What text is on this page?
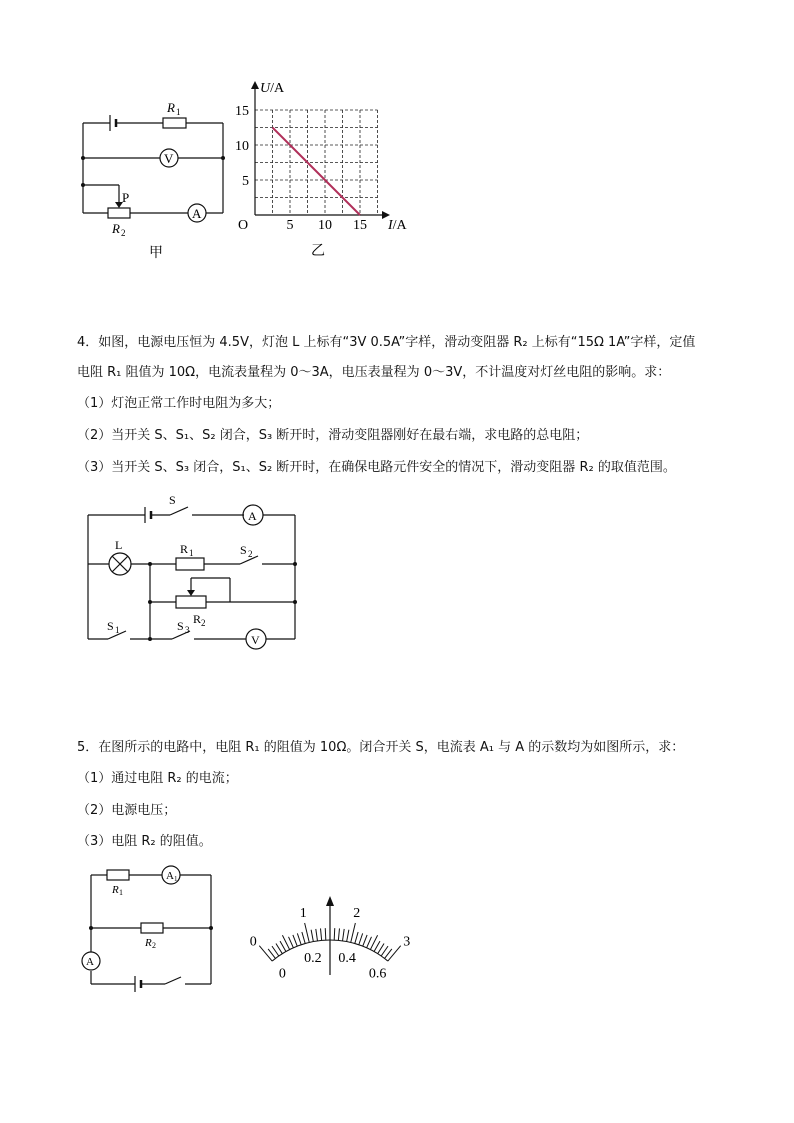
R 1
V
A
P
R 2
甲
U/A
I/A
O
5
10
15
5 10 15
乙
4．如图，电源电压恒为 4.5V，灯泡 L 上标有“3V 0.5A”字样，滑动变阻器 R₂ 上标有“15Ω 1A”字样，定值
电阻 R₁ 阻值为 10Ω，电流表量程为 0～3A，电压表量程为 0～3V，不计温度对灯丝电阻的影响。求：
（1）灯泡正常工作时电阻为多大；
（2）当开关 S、S₁、S₂ 闭合，S₃ 断开时，滑动变阻器刚好在最右端，求电路的总电阻；
（3）当开关 S、S₃ 闭合，S₁、S₂ 断开时，在确保电路元件安全的情况下，滑动变阻器 R₂ 的取值范围。
S
A
L	R 1	S 2
R 2
S 1	S 3
V
5．在图所示的电路中，电阻 R₁ 的阻值为 10Ω。闭合开关 S，电流表 A₁ 与 A 的示数均为如图所示，求：
（1）通过电阻 R₂ 的电流；
（2）电源电压；
（3）电阻 R₂ 的阻值。
R 1
A 1
R 2
A
0
1	2
3
0
0.2 0.4
0.6
